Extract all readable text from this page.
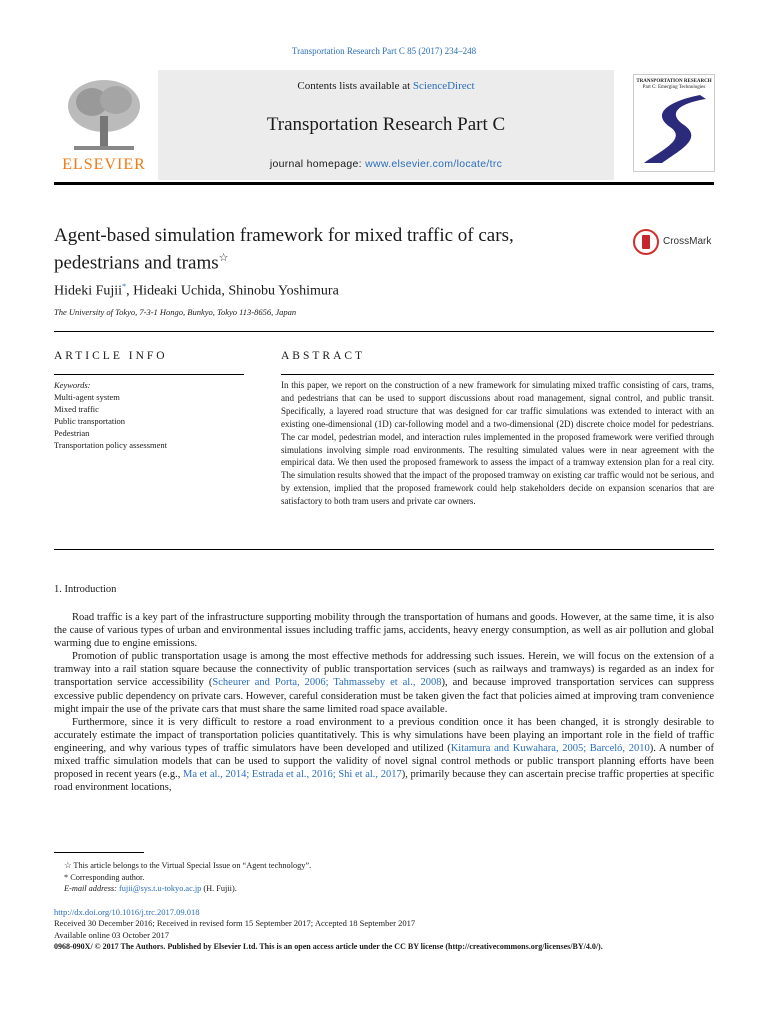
Transportation Research Part C 85 (2017) 234–248
ELSEVIER
Contents lists available at ScienceDirect
Transportation Research Part C
journal homepage: www.elsevier.com/locate/trc
TRANSPORTATION RESEARCH
Part C: Emerging Technologies
Agent-based simulation framework for mixed traffic of cars, pedestrians and trams☆
CrossMark
Hideki Fujii*, Hideaki Uchida, Shinobu Yoshimura
The University of Tokyo, 7-3-1 Hongo, Bunkyo, Tokyo 113-8656, Japan
ARTICLE INFO	ABSTRACT
Keywords:
Multi-agent system
Mixed traffic
Public transportation
Pedestrian
Transportation policy assessment
In this paper, we report on the construction of a new framework for simulating mixed traffic consisting of cars, trams, and pedestrians that can be used to support discussions about road management, signal control, and public transit. Specifically, a layered road structure that was designed for car traffic simulations was extended to interact with an existing one-dimensional (1D) car-following model and a two-dimensional (2D) discrete choice model for pedestrians. The car model, pedestrian model, and interaction rules implemented in the proposed framework were verified through simulations involving simple road environments. The resulting simulated values were in near agreement with the empirical data. We then used the proposed framework to assess the impact of a tramway extension plan for a real city. The simulation results showed that the impact of the proposed tramway on existing car traffic would not be serious, and by extension, implied that the proposed framework could help stakeholders decide on expansion scenarios that are satisfactory to both tram users and private car owners.
1. Introduction

Road traffic is a key part of the infrastructure supporting mobility through the transportation of humans and goods. However, at the same time, it is also the cause of various types of urban and environmental issues including traffic jams, accidents, heavy energy consumption, as well as air pollution and global warming due to engine emissions.

Promotion of public transportation usage is among the most effective methods for addressing such issues. Herein, we will focus on the extension of a tramway into a rail station square because the connectivity of public transportation services (such as railways and tramways) is regarded as an index for transportation service accessibility (Scheurer and Porta, 2006; Tahmasseby et al., 2008), and because improved transportation services can suppress excessive public dependency on private cars. However, careful consideration must be taken given the fact that policies aimed at improving tram convenience might impair the use of the private cars that must share the same limited road space available.

Furthermore, since it is very difficult to restore a road environment to a previous condition once it has been changed, it is strongly desirable to accurately estimate the impact of transportation policies quantitatively. This is why simulations have been playing an important role in the field of traffic engineering, and why various types of traffic simulators have been developed and utilized (Kitamura and Kuwahara, 2005; Barceló, 2010). A number of mixed traffic simulation models that can be used to support the validity of novel signal control methods or public transport planning efforts have been proposed in recent years (e.g., Ma et al., 2014; Estrada et al., 2016; Shi et al., 2017), primarily because they can ascertain precise traffic properties at specific road environment locations,

☆ This article belongs to the Virtual Special Issue on “Agent technology”.
* Corresponding author.
E-mail address: fujii@sys.t.u-tokyo.ac.jp (H. Fujii).
http://dx.doi.org/10.1016/j.trc.2017.09.018
Received 30 December 2016; Received in revised form 15 September 2017; Accepted 18 September 2017
Available online 03 October 2017
0968-090X/ © 2017 The Authors. Published by Elsevier Ltd. This is an open access article under the CC BY license (http://creativecommons.org/licenses/BY/4.0/).
